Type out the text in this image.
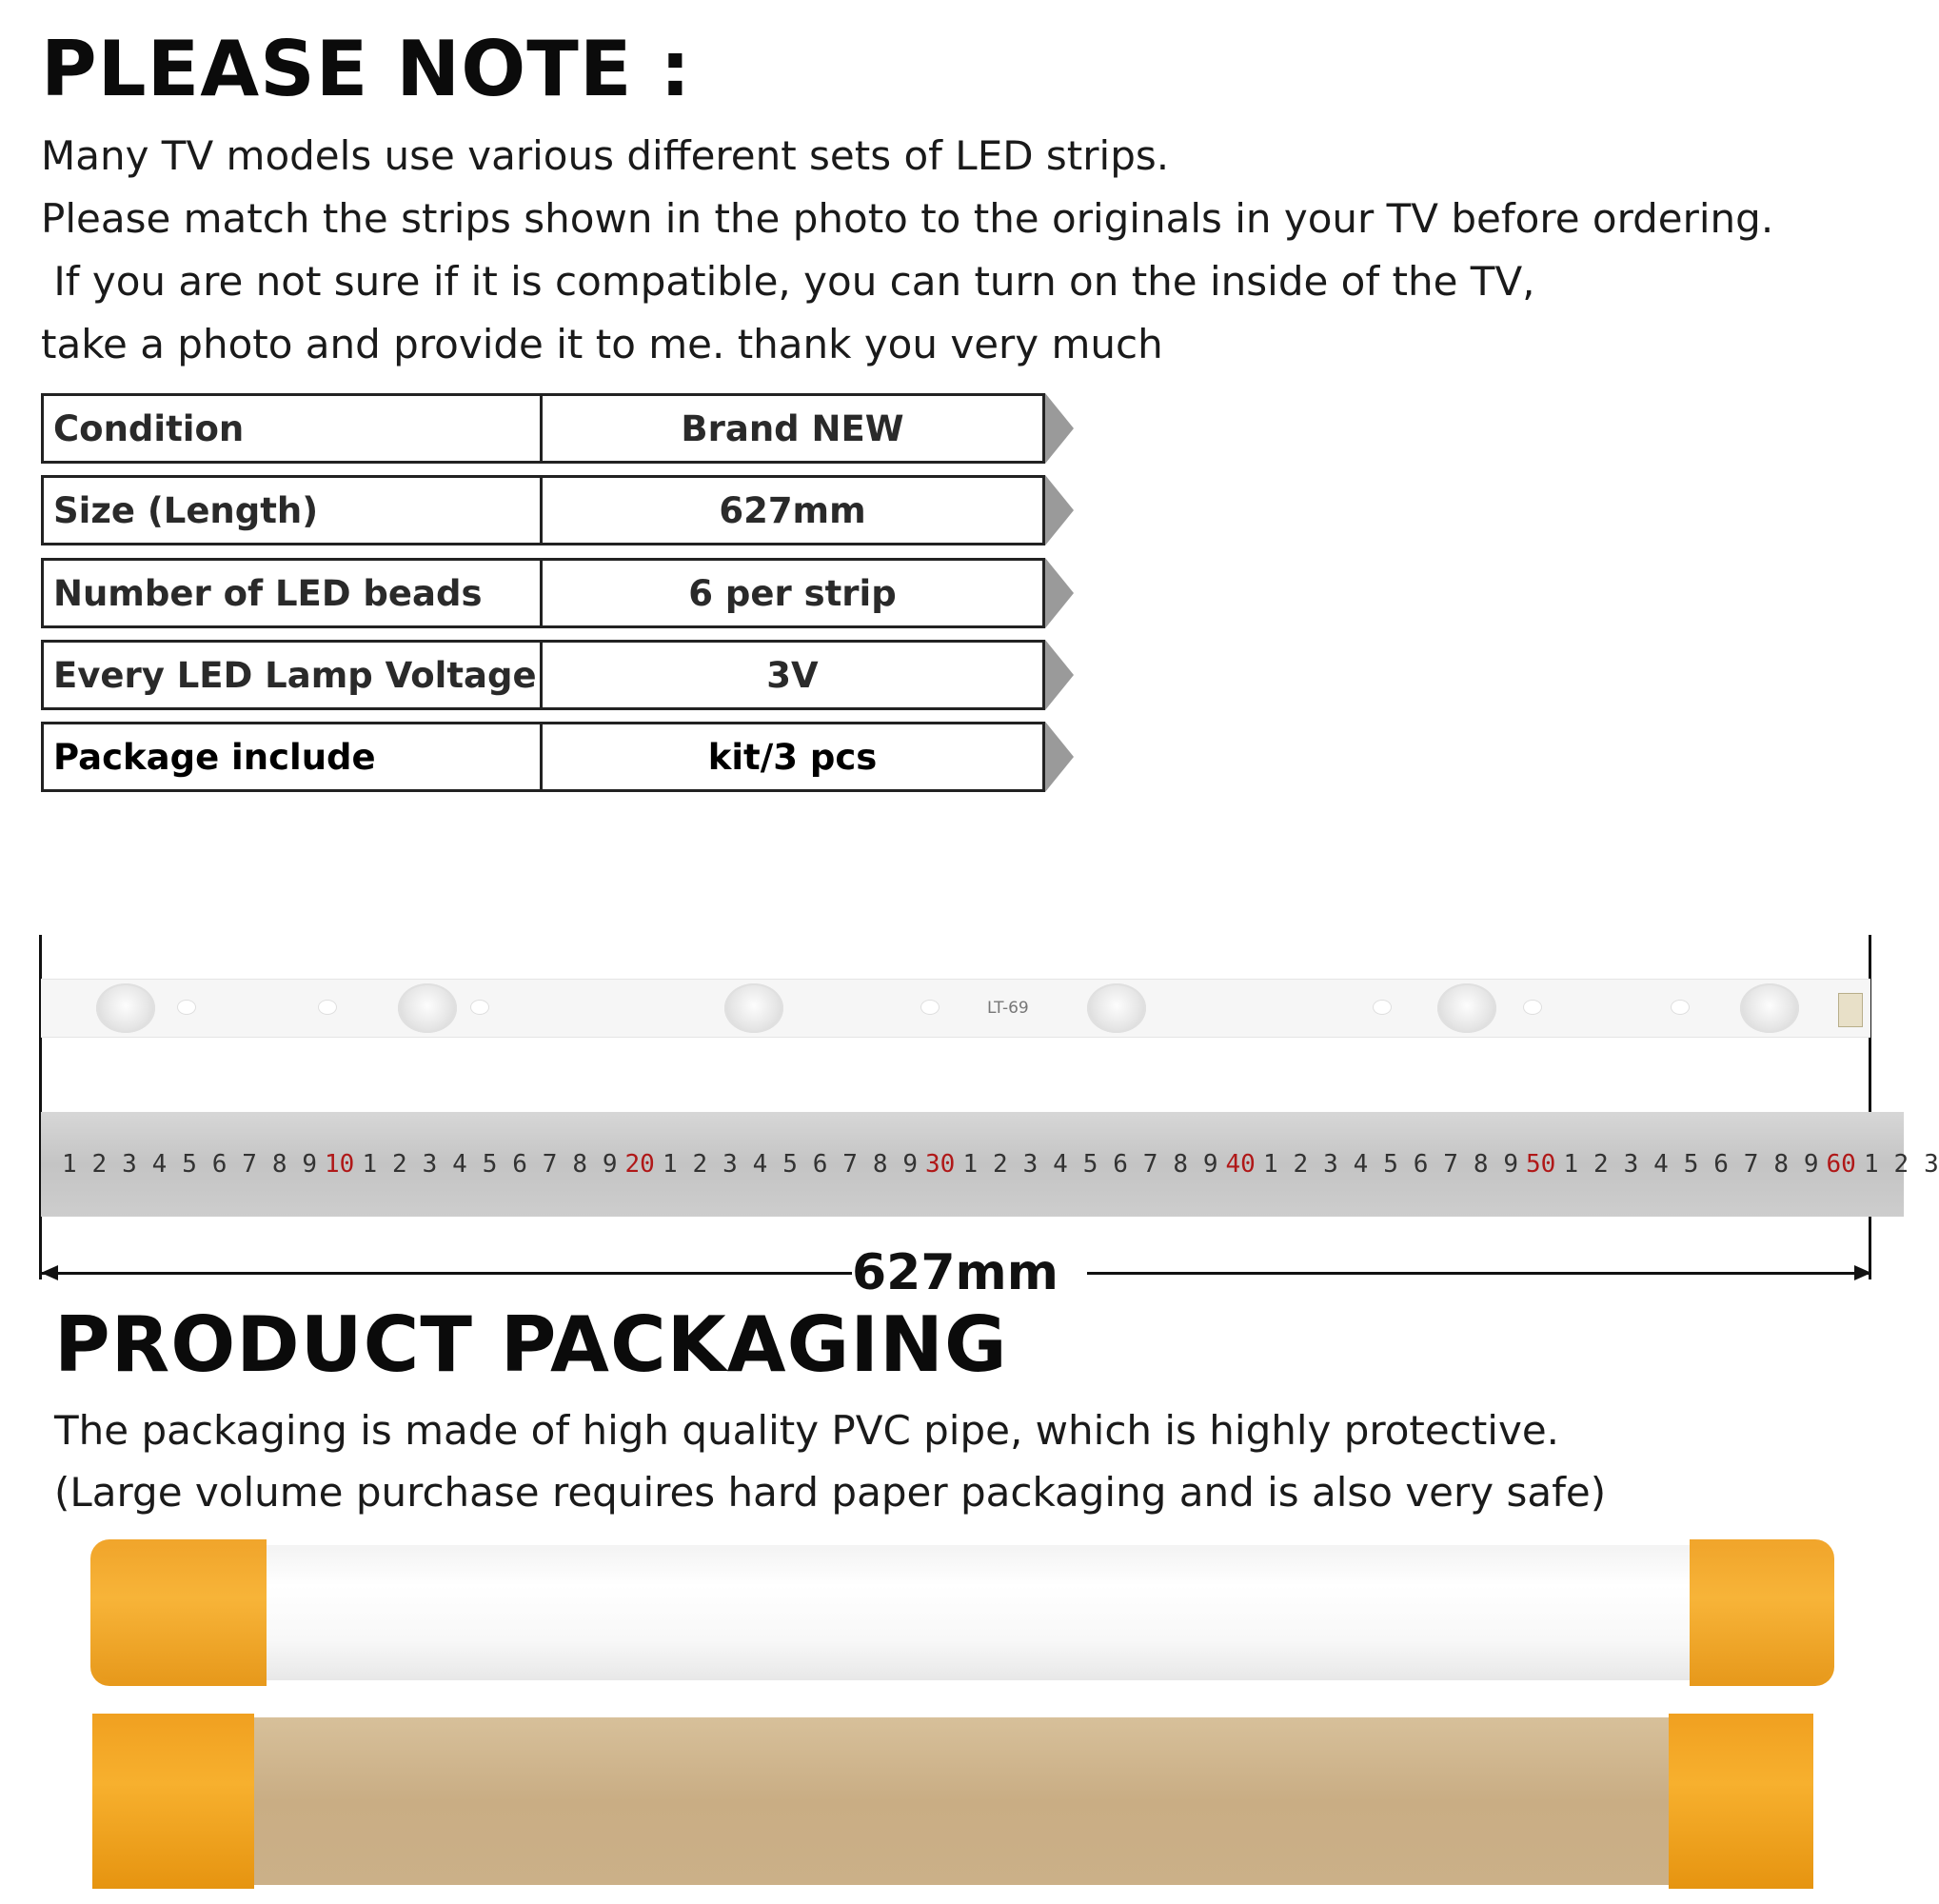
PLEASE NOTE :
Many TV models use various different sets of LED strips.
Please match the strips shown in the photo to the originals in your TV before ordering.
If you are not sure if it is compatible, you can turn on the inside of the TV,
take a photo and provide it to me. thank you very much
Condition	Brand NEW
Size (Length)	627mm
Number of LED beads	6 per strip
Every LED Lamp Voltage	3V
Package include	kit/3 pcs
LT-69
1 2 3 4 5 6 7 8 9 10 1 2 3 4 5 6 7 8 9 20 1 2 3 4 5 6 7 8 9 30 1 2 3 4 5 6 7 8 9 40 1 2 3 4 5 6 7 8 9 50 1 2 3 4 5 6 7 8 9 60 1 2 3
627mm
PRODUCT PACKAGING
The packaging is made of high quality PVC pipe, which is highly protective.
(Large volume purchase requires hard paper packaging and is also very safe)
